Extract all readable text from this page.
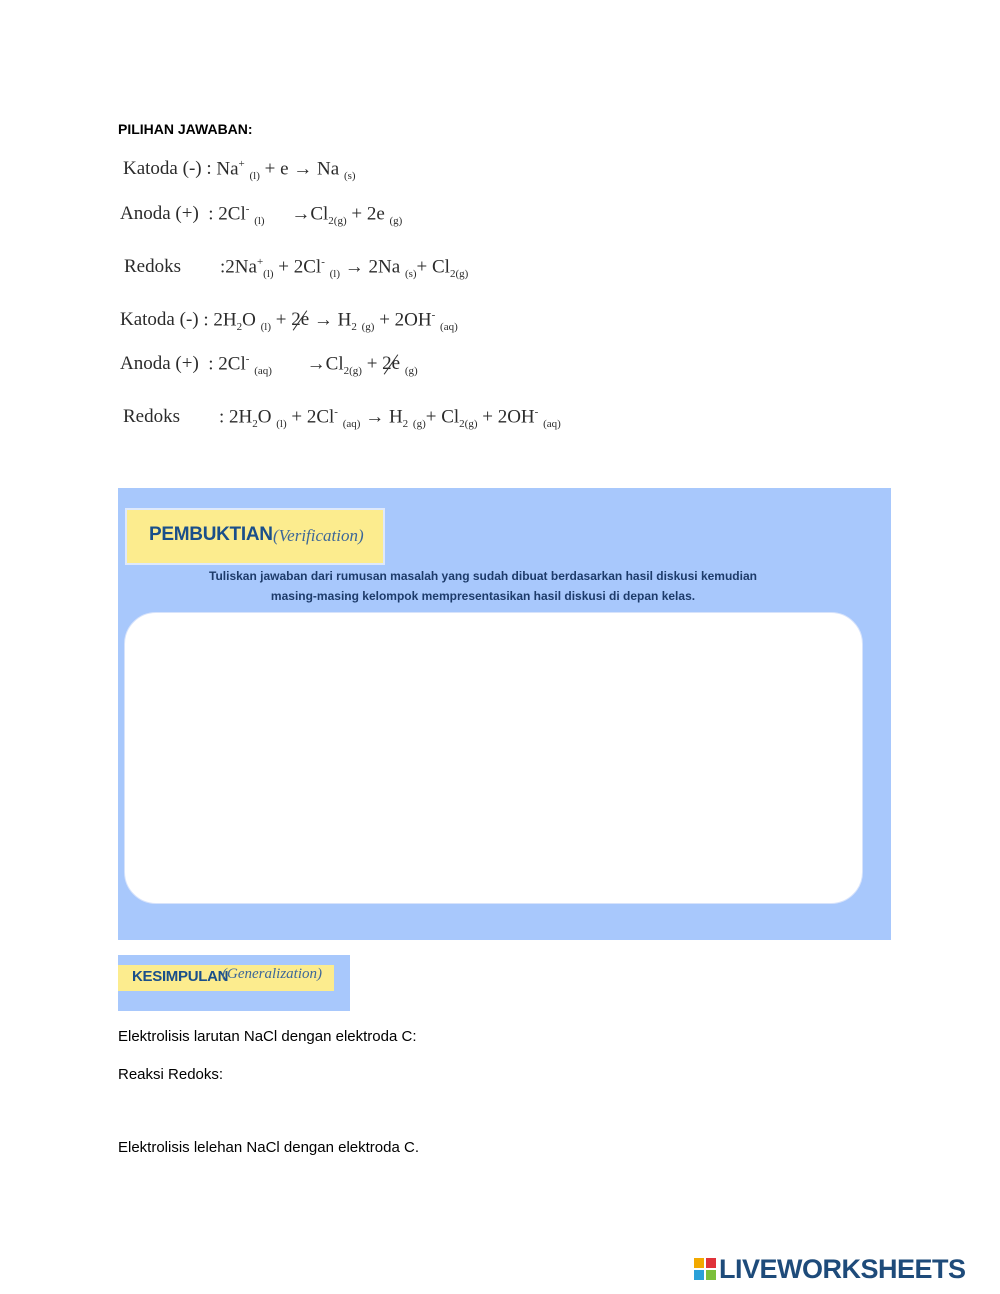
PILIHAN JAWABAN:
Katoda (-) : Na+ $_{(l)}$ + e → Na $_{(s)}$
Anoda (+)  : 2Cl- $_{(l)} \to Cl_{2(g)} + 2e$ $_{(g)}$
Redoks $:2Na^+_{(l)} + 2Cl^-$ $_{(l)}$ → 2Na $_{(s)}+ Cl_{2(g)}$
Katoda (-) : $2H_2O$ $_{(l)} + 2e \to H_2$ $_{(g)}$ + 2OH- $_{(aq)}$
Anoda (+)  : 2Cl- $_{(aq)} \to Cl_{2(g)} + 2e$ $_{(g)}$
Redoks : $2H_2O$ $_{(l)}$ + 2Cl- $_{(aq)} \to H_2$ $_{(g)}+ Cl_{2(g)} + 2OH^-$ $_{(aq)}$
PEMBUKTIAN (Verification)
Tuliskan jawaban dari rumusan masalah yang sudah dibuat berdasarkan hasil diskusi kemudian
masing-masing kelompok mempresentasikan hasil diskusi di depan kelas.
KESIMPULAN
(Generalization)
Elektrolisis larutan NaCl dengan elektroda C:
Reaksi Redoks:
Elektrolisis lelehan NaCl dengan elektroda C.
LIVEWORKSHEETS
